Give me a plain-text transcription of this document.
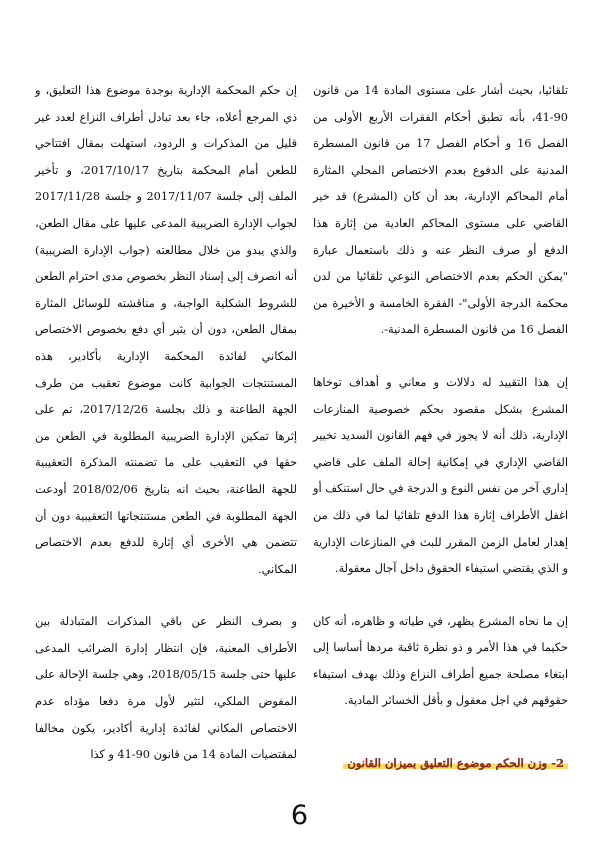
تلقائيا، بحيث أشار على مستوى المادة 14 من قانون 90-41، بأنه تطبق أحكام الفقرات الأربع الأولى من الفصل 16 و أحكام الفصل 17 من قانون المسطرة المدنية على الدفوع بعدم الاختصاص المحلي المثارة أمام المحاكم الإدارية، بعد أن كان (المشرع) قد خير القاضي على مستوى المحاكم العادية من إثارة هذا الدفع أو صرف النظر عنه و ذلك باستعمال عبارة "يمكن الحكم بعدم الاختصاص النوعي تلقائيا من لدن محكمة الدرجة الأولى"- الفقرة الخامسة و الأخيرة من الفصل 16 من قانون المسطرة المدنية-.

إن هذا التقييد له دلالات و معاني و أهداف توخاها المشرع بشكل مقصود بحكم خصوصية المنازعات الإدارية، ذلك أنه لا يجوز في فهم القانون السديد تخيير القاضي الإداري في إمكانية إحالة الملف على قاضي إداري آخر من نفس النوع و الدرجة في حال استنكف أو اغفل الأطراف إثارة هذا الدفع تلقائيا لما في ذلك من إهدار لعامل الزمن المقرر للبث في المنازعات الإدارية و الذي يقتضي استيفاء الحقوق داخل آجال معقولة.

إن ما نحاه المشرع يظهر، في طياته و ظاهره، أنه كان حكيما في هذا الأمر و ذو نظرة ثاقبة مردها أساسا إلى ابتغاء مصلحة جميع أطراف النزاع وذلك بهدف استيفاء حقوقهم في اجل معقول و بأقل الخسائر المادية.

2- وزن الحكم موضوع التعليق بميزان القانون

إن حكم المحكمة الإدارية بوجدة موضوع هذا التعليق، و ذي المرجع أعلاه، جاء بعد تبادل أطراف النزاع لعدد غير قليل من المذكرات و الردود، استهلت بمقال افتتاحي للطعن أمام المحكمة بتاريخ 2017/10/17، و تأخير الملف إلى جلسة 2017/11/07 و جلسة 2017/11/28 لجواب الإدارة الضريبية المدعى عليها على مقال الطعن، والذي يبدو من خلال مطالعته (جواب الإدارة الضريبية) أنه انصرف إلى إسناد النظر بخصوص مدى احترام الطعن للشروط الشكلية الواجبة، و مناقشته للوسائل المثارة بمقال الطعن، دون أن يثير أي دفع بخصوص الاختصاص المكاني لفائدة المحكمة الإدارية بأكادير، هذه المستنتجات الجوابية كانت موضوع تعقيب من طرف الجهة الطاعنة و ذلك بجلسة 2017/12/26، تم على إثرها تمكين الإدارة الضريبية المطلوبة في الطعن من حقها في التعقيب على ما تضمنته المذكرة التعقيبية للجهة الطاعنة، بحيث انه بتاريخ 2018/02/06 أودعت الجهة المطلوبة في الطعن مستنتجاتها التعقيبية دون أن تتضمن هي الأخرى أي إثارة للدفع بعدم الاختصاص المكاني.

و بصرف النظر عن باقي المذكرات المتبادلة بين الأطراف المعنية، فإن انتظار إدارة الضرائب المدعى عليها حتى جلسة 2018/05/15، وهي جلسة الإحالة على المفوض الملكي، لتثير لأول مرة دفعا مؤداه عدم الاختصاص المكاني لفائدة إدارية أكادير، يكون مخالفا لمقتضيات المادة 14 من قانون 90-41 و كذا

6
